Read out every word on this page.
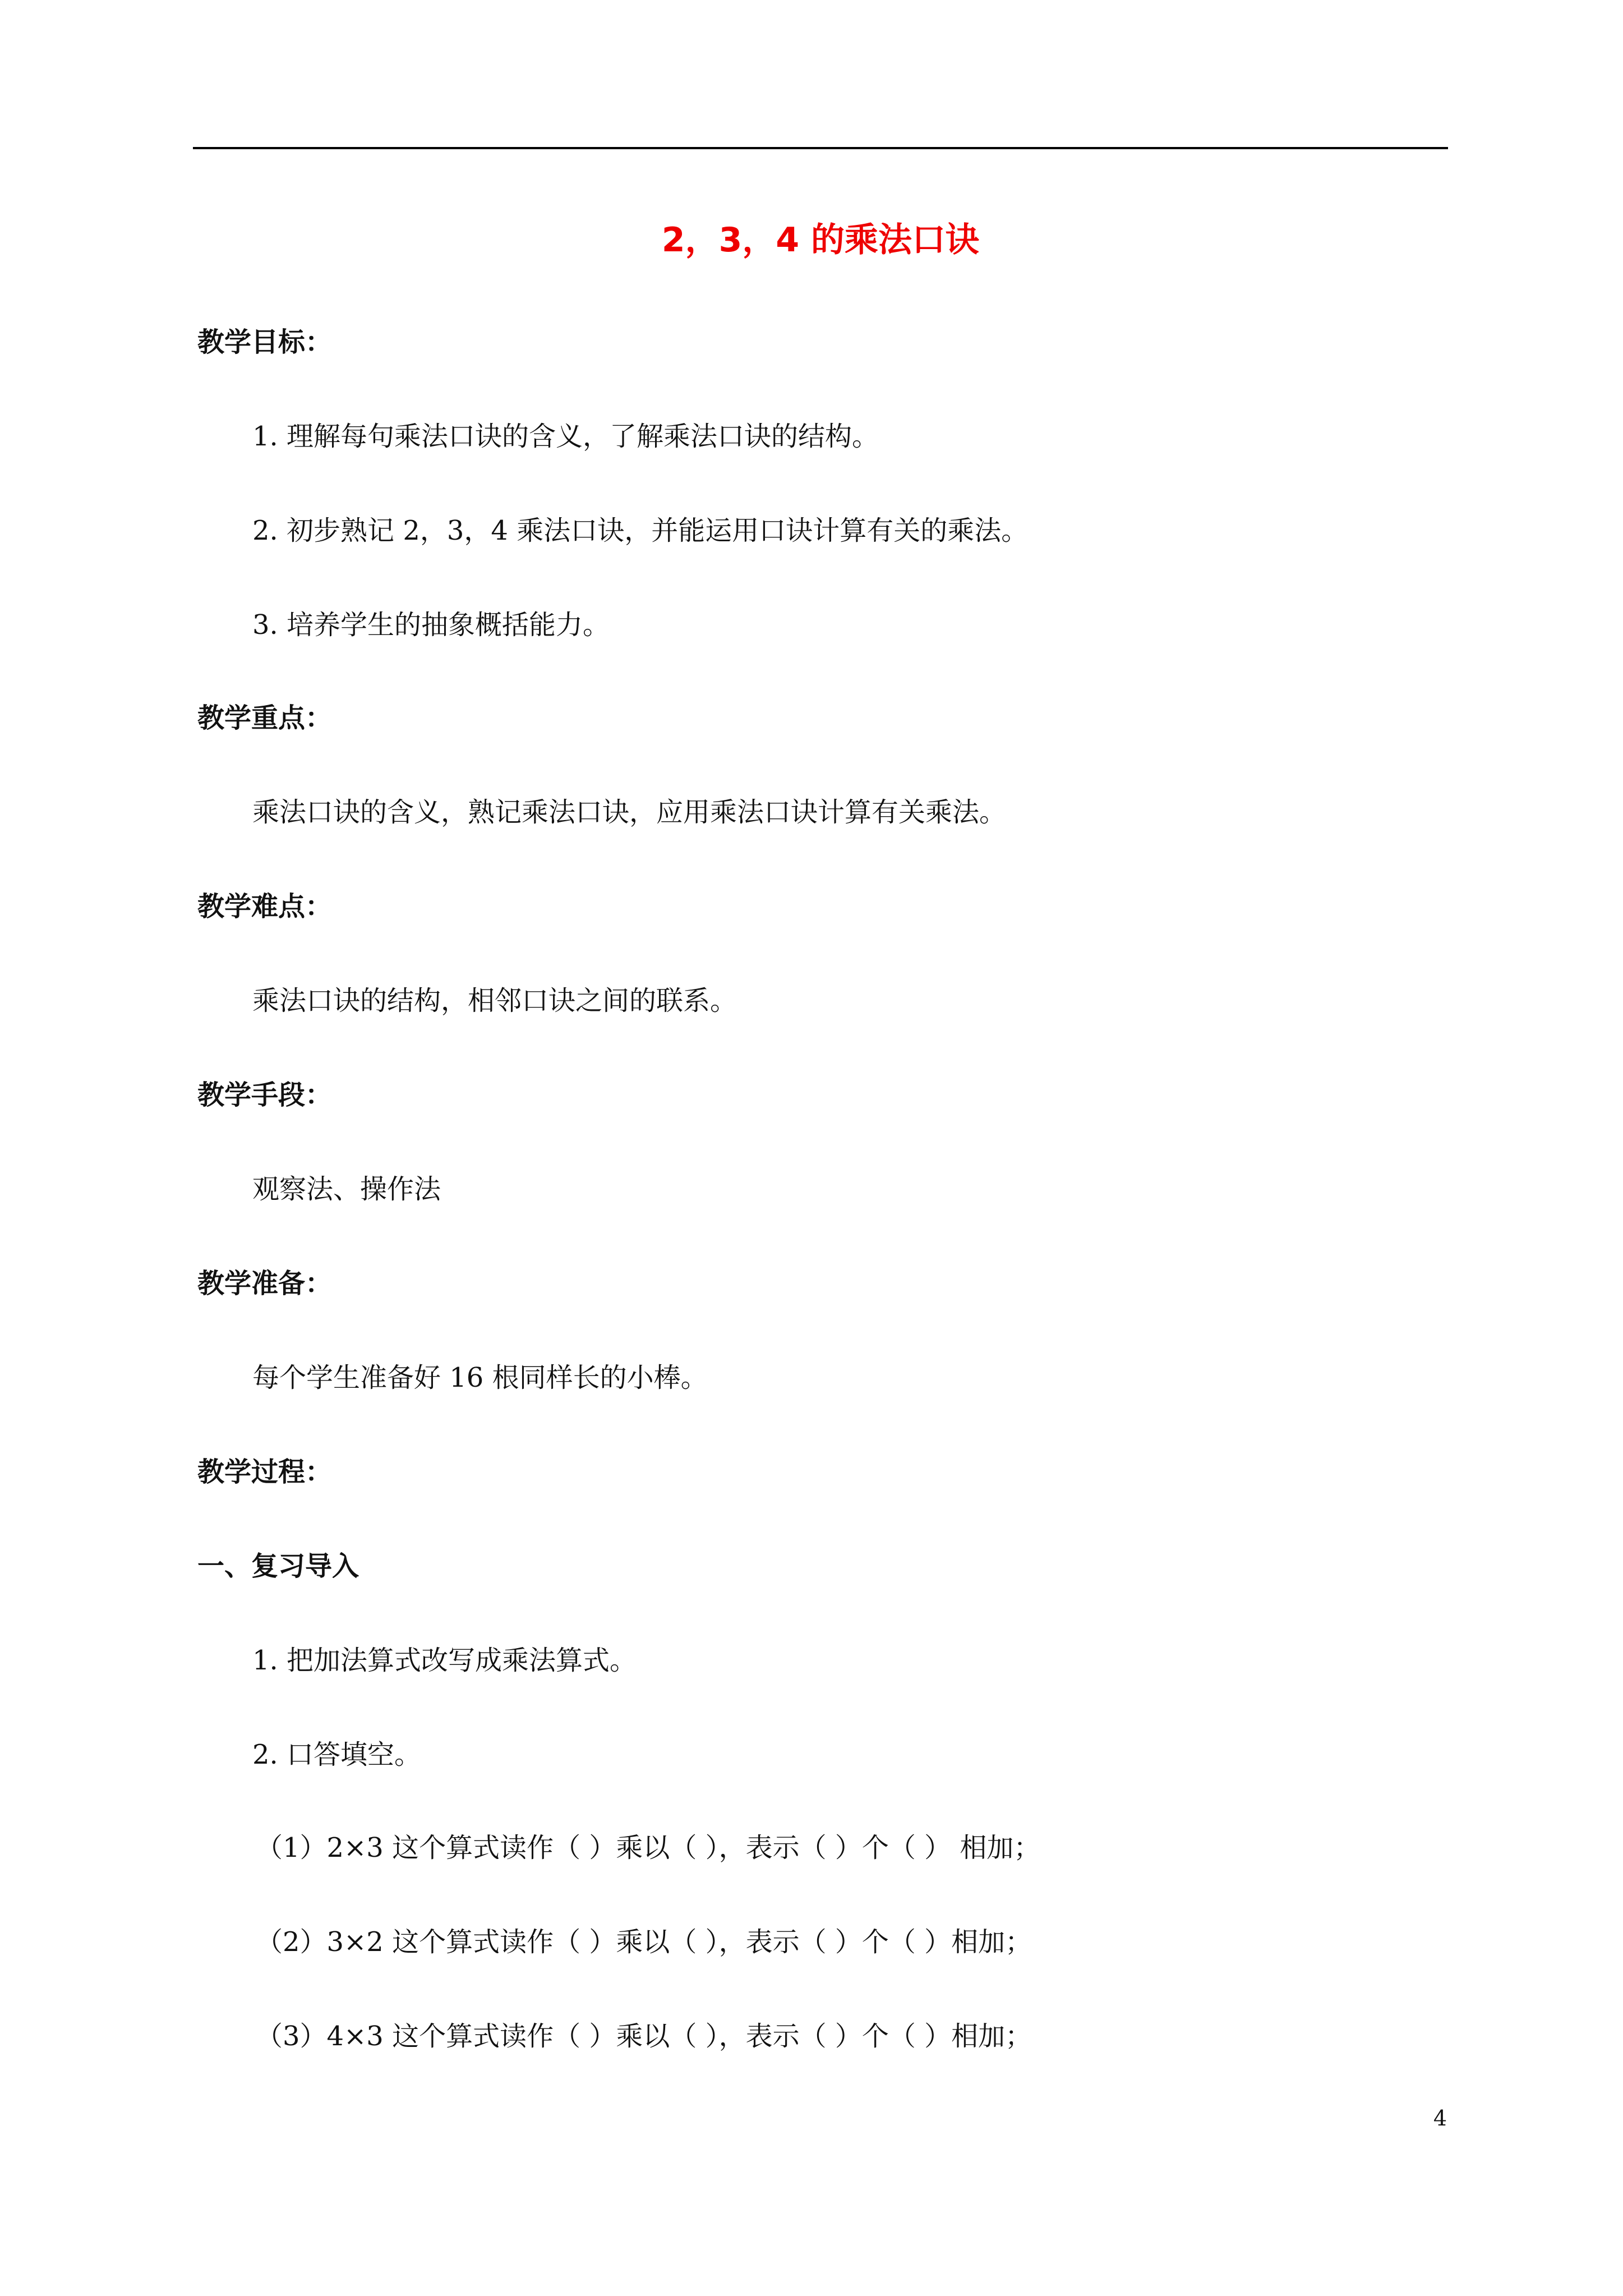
2，3，4 的乘法口诀
教学目标：
1. 理解每句乘法口诀的含义，了解乘法口诀的结构。
2. 初步熟记 2，3，4 乘法口诀，并能运用口诀计算有关的乘法。
3. 培养学生的抽象概括能力。
教学重点：
乘法口诀的含义，熟记乘法口诀，应用乘法口诀计算有关乘法。
教学难点：
乘法口诀的结构，相邻口诀之间的联系。
教学手段：
观察法、操作法
教学准备：
每个学生准备好 16 根同样长的小棒。
教学过程：
一、复习导入
1. 把加法算式改写成乘法算式。
2. 口答填空。
（1）2×3 这个算式读作（ ）乘以（ ），表示（ ）个（ ） 相加；
（2）3×2 这个算式读作（ ）乘以（ ），表示（ ）个（ ）相加；
（3）4×3 这个算式读作（ ）乘以（ ），表示（ ）个（ ）相加；
4
